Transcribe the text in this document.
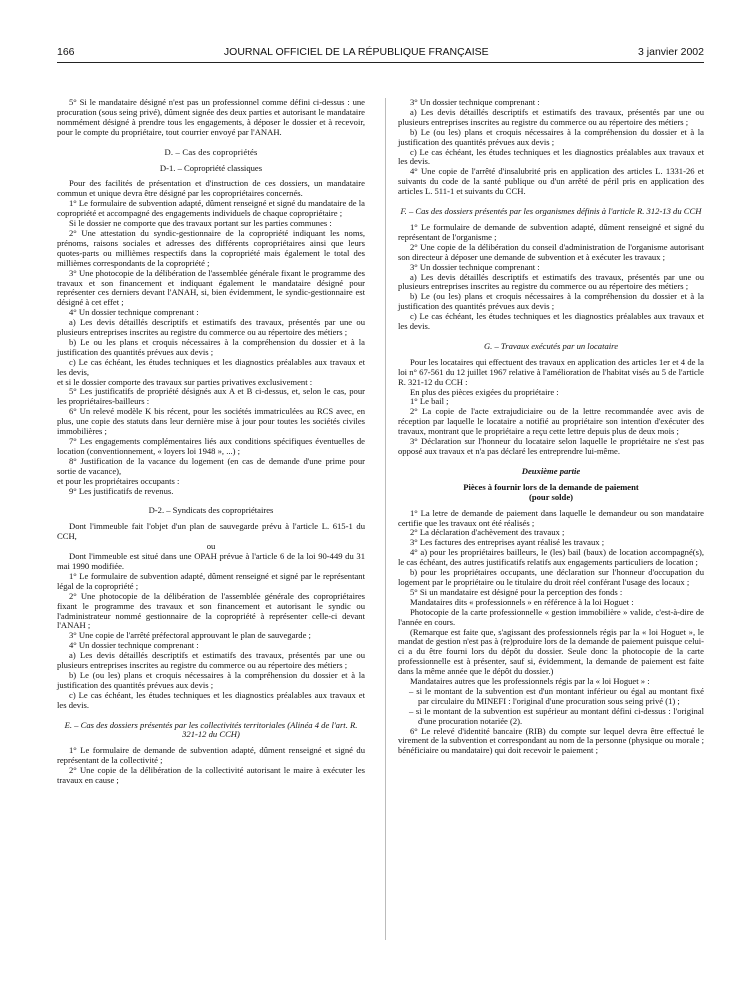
166	JOURNAL OFFICIEL DE LA RÉPUBLIQUE FRANÇAISE	3 janvier 2002

5° Si le mandataire désigné n'est pas un professionnel comme défini ci-dessus : une procuration (sous seing privé), dûment signée des deux parties et autorisant le mandataire nommément désigné à prendre tous les engagements, à déposer le dossier et à recevoir, pour le compte du propriétaire, tout courrier envoyé par l'ANAH.

D. – Cas des copropriétés

D-1. – Copropriété classiques

Pour des facilités de présentation et d'instruction de ces dossiers, un mandataire commun et unique devra être désigné par les copropriétaires concernés.

1° Le formulaire de subvention adapté, dûment renseigné et signé du mandataire de la copropriété et accompagné des engagements individuels de chaque copropriétaire ;

Si le dossier ne comporte que des travaux portant sur les parties communes :

2° Une attestation du syndic-gestionnaire de la copropriété indiquant les noms, prénoms, raisons sociales et adresses des différents copropriétaires ainsi que leurs quotes-parts ou millièmes respectifs dans la copropriété mais également le total des millièmes correspondants de la copropriété ;

3° Une photocopie de la délibération de l'assemblée générale fixant le programme des travaux et son financement et indiquant également le mandataire désigné pour représenter ces derniers devant l'ANAH, si, bien évidemment, le syndic-gestionnaire est désigné à cet effet ;

4° Un dossier technique comprenant :

a) Les devis détaillés descriptifs et estimatifs des travaux, présentés par une ou plusieurs entreprises inscrites au registre du commerce ou au répertoire des métiers ;

b) Le ou les plans et croquis nécessaires à la compréhension du dossier et à la justification des quantités prévues aux devis ;

c) Le cas échéant, les études techniques et les diagnostics préalables aux travaux et les devis,

et si le dossier comporte des travaux sur parties privatives exclusivement :

5° Les justificatifs de propriété désignés aux A et B ci-dessus, et, selon le cas, pour les propriétaires-bailleurs :

6° Un relevé modèle K bis récent, pour les sociétés immatriculées au RCS avec, en plus, une copie des statuts dans leur dernière mise à jour pour toutes les sociétés civiles immobilières ;

7° Les engagements complémentaires liés aux conditions spécifiques éventuelles de location (conventionnement, « loyers loi 1948 », ...) ;

8° Justification de la vacance du logement (en cas de demande d'une prime pour sortie de vacance),

et pour les propriétaires occupants :

9° Les justificatifs de revenus.

D-2. – Syndicats des copropriétaires

Dont l'immeuble fait l'objet d'un plan de sauvegarde prévu à l'article L. 615-1 du CCH,

ou

Dont l'immeuble est situé dans une OPAH prévue à l'article 6 de la loi 90-449 du 31 mai 1990 modifiée.

1° Le formulaire de subvention adapté, dûment renseigné et signé par le représentant légal de la copropriété ;

2° Une photocopie de la délibération de l'assemblée générale des copropriétaires fixant le programme des travaux et son financement et autorisant le syndic ou l'administrateur nommé gestionnaire de la copropriété à représenter celle-ci devant l'ANAH ;

3° Une copie de l'arrêté préfectoral approuvant le plan de sauvegarde ;

4° Un dossier technique comprenant :

a) Les devis détaillés descriptifs et estimatifs des travaux, présentés par une ou plusieurs entreprises inscrites au registre du commerce ou au répertoire des métiers ;

b) Le (ou les) plans et croquis nécessaires à la compréhension du dossier et à la justification des quantités prévues aux devis ;

c) Le cas échéant, les études techniques et les diagnostics préalables aux travaux et les devis.

E. – Cas des dossiers présentés par les collectivités territoriales (Alinéa 4 de l'art. R. 321-12 du CCH)

1° Le formulaire de demande de subvention adapté, dûment renseigné et signé du représentant de la collectivité ;

2° Une copie de la délibération de la collectivité autorisant le maire à exécuter les travaux en cause ;

3° Un dossier technique comprenant :

a) Les devis détaillés descriptifs et estimatifs des travaux, présentés par une ou plusieurs entreprises inscrites au registre du commerce ou au répertoire des métiers ;

b) Le (ou les) plans et croquis nécessaires à la compréhension du dossier et à la justification des quantités prévues aux devis ;

c) Le cas échéant, les études techniques et les diagnostics préalables aux travaux et les devis.

4° Une copie de l'arrêté d'insalubrité pris en application des articles L. 1331-26 et suivants du code de la santé publique ou d'un arrêté de péril pris en application des articles L. 511-1 et suivants du CCH.

F. – Cas des dossiers présentés par les organismes définis à l'article R. 312-13 du CCH

1° Le formulaire de demande de subvention adapté, dûment renseigné et signé du représentant de l'organisme ;

2° Une copie de la délibération du conseil d'administration de l'organisme autorisant son directeur à déposer une demande de subvention et à exécuter les travaux ;

3° Un dossier technique comprenant :

a) Les devis détaillés descriptifs et estimatifs des travaux, présentés par une ou plusieurs entreprises inscrites au registre du commerce ou au répertoire des métiers ;

b) Le (ou les) plans et croquis nécessaires à la compréhension du dossier et à la justification des quantités prévues aux devis ;

c) Le cas échéant, les études techniques et les diagnostics préalables aux travaux et les devis.

G. – Travaux exécutés par un locataire

Pour les locataires qui effectuent des travaux en application des articles 1er et 4 de la loi n° 67-561 du 12 juillet 1967 relative à l'amélioration de l'habitat visés au 5 de l'article R. 321-12 du CCH :

En plus des pièces exigées du propriétaire :

1° Le bail ;

2° La copie de l'acte extrajudiciaire ou de la lettre recommandée avec avis de réception par laquelle le locataire a notifié au propriétaire son intention d'exécuter des travaux, montrant que le propriétaire a reçu cette lettre depuis plus de deux mois ;

3° Déclaration sur l'honneur du locataire selon laquelle le propriétaire ne s'est pas opposé aux travaux et n'a pas déclaré les entreprendre lui-même.

Deuxième partie

Pièces à fournir lors de la demande de paiement

(pour solde)

1° La letre de demande de paiement dans laquelle le demandeur ou son mandataire certifie que les travaux ont été réalisés ;

2° La déclaration d'achèvement des travaux ;

3° Les factures des entreprises ayant réalisé les travaux ;

4° a) pour les propriétaires bailleurs, le (les) bail (baux) de location accompagné(s), le cas échéant, des autres justificatifs relatifs aux engagements particuliers de location ;

b) pour les propriétaires occupants, une déclaration sur l'honneur d'occupation du logement par le propriétaire ou le titulaire du droit réel conférant l'usage des locaux ;

5° Si un mandataire est désigné pour la perception des fonds :

Mandataires dits « professionnels » en référence à la loi Hoguet :

Photocopie de la carte professionnelle « gestion immobilière » valide, c'est-à-dire de l'année en cours.

(Remarque est faite que, s'agissant des professionnels régis par la « loi Hoguet », le mandat de gestion n'est pas à (re)produire lors de la demande de paiement puisque celui-ci a du être fourni lors du dépôt du dossier. Seule donc la photocopie de la carte professionnelle est à présenter, sauf si, évidemment, la demande de paiement est faite dans la même année que le dépôt du dossier.)

Mandataires autres que les professionnels régis par la « loi Hoguet » :

– si le montant de la subvention est d'un montant inférieur ou égal au montant fixé par circulaire du MINEFI : l'original d'une procuration sous seing privé (1) ;

– si le montant de la subvention est supérieur au montant défini ci-dessus : l'original d'une procuration notariée (2).

6° Le relevé d'identité bancaire (RIB) du compte sur lequel devra être effectué le virement de la subvention et correspondant au nom de la personne (physique ou morale ; bénéficiaire ou mandataire) qui doit recevoir le paiement ;
